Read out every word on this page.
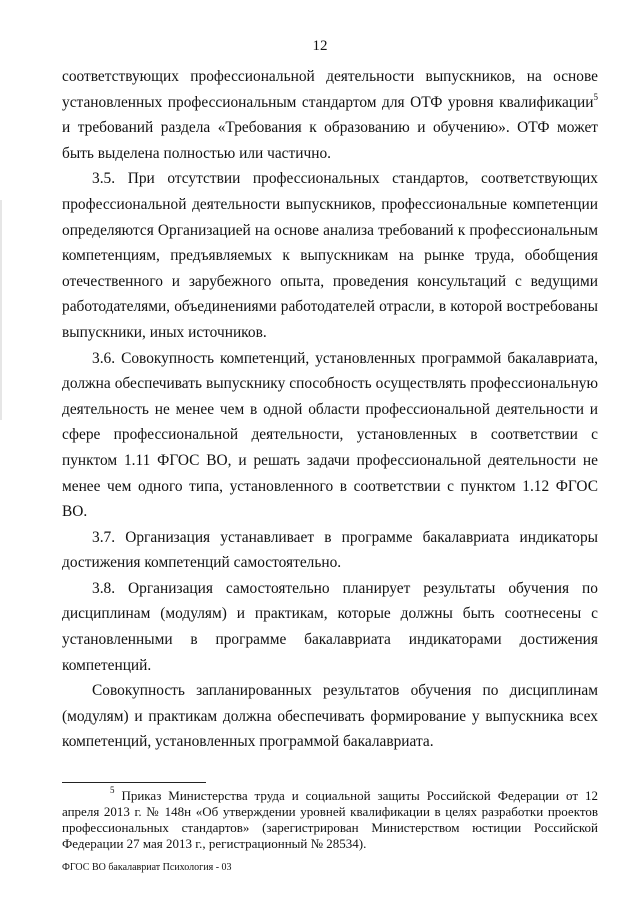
12

соответствующих профессиональной деятельности выпускников, на основе установленных профессиональным стандартом для ОТФ уровня квалификации$^5$ и требований раздела «Требования к образованию и обучению». ОТФ может быть выделена полностью или частично.

3.5. При отсутствии профессиональных стандартов, соответствующих профессиональной деятельности выпускников, профессиональные компетенции определяются Организацией на основе анализа требований к профессиональным компетенциям, предъявляемых к выпускникам на рынке труда, обобщения отечественного и зарубежного опыта, проведения консультаций с ведущими работодателями, объединениями работодателей отрасли, в которой востребованы выпускники, иных источников.

3.6. Совокупность компетенций, установленных программой бакалавриата, должна обеспечивать выпускнику способность осуществлять профессиональную деятельность не менее чем в одной области профессиональной деятельности и сфере профессиональной деятельности, установленных в соответствии с пунктом 1.11 ФГОС ВО, и решать задачи профессиональной деятельности не менее чем одного типа, установленного в соответствии с пунктом 1.12 ФГОС ВО.

3.7. Организация устанавливает в программе бакалавриата индикаторы достижения компетенций самостоятельно.

3.8. Организация самостоятельно планирует результаты обучения по дисциплинам (модулям) и практикам, которые должны быть соотнесены с установленными в программе бакалавриата индикаторами достижения компетенций.

Совокупность запланированных результатов обучения по дисциплинам (модулям) и практикам должна обеспечивать формирование у выпускника всех компетенций, установленных программой бакалавриата.

$^5$ Приказ Министерства труда и социальной защиты Российской Федерации от 12 апреля 2013 г. № 148н «Об утверждении уровней квалификации в целях разработки проектов профессиональных стандартов» (зарегистрирован Министерством юстиции Российской Федерации 27 мая 2013 г., регистрационный № 28534).
ФГОС ВО бакалавриат Психология - 03
